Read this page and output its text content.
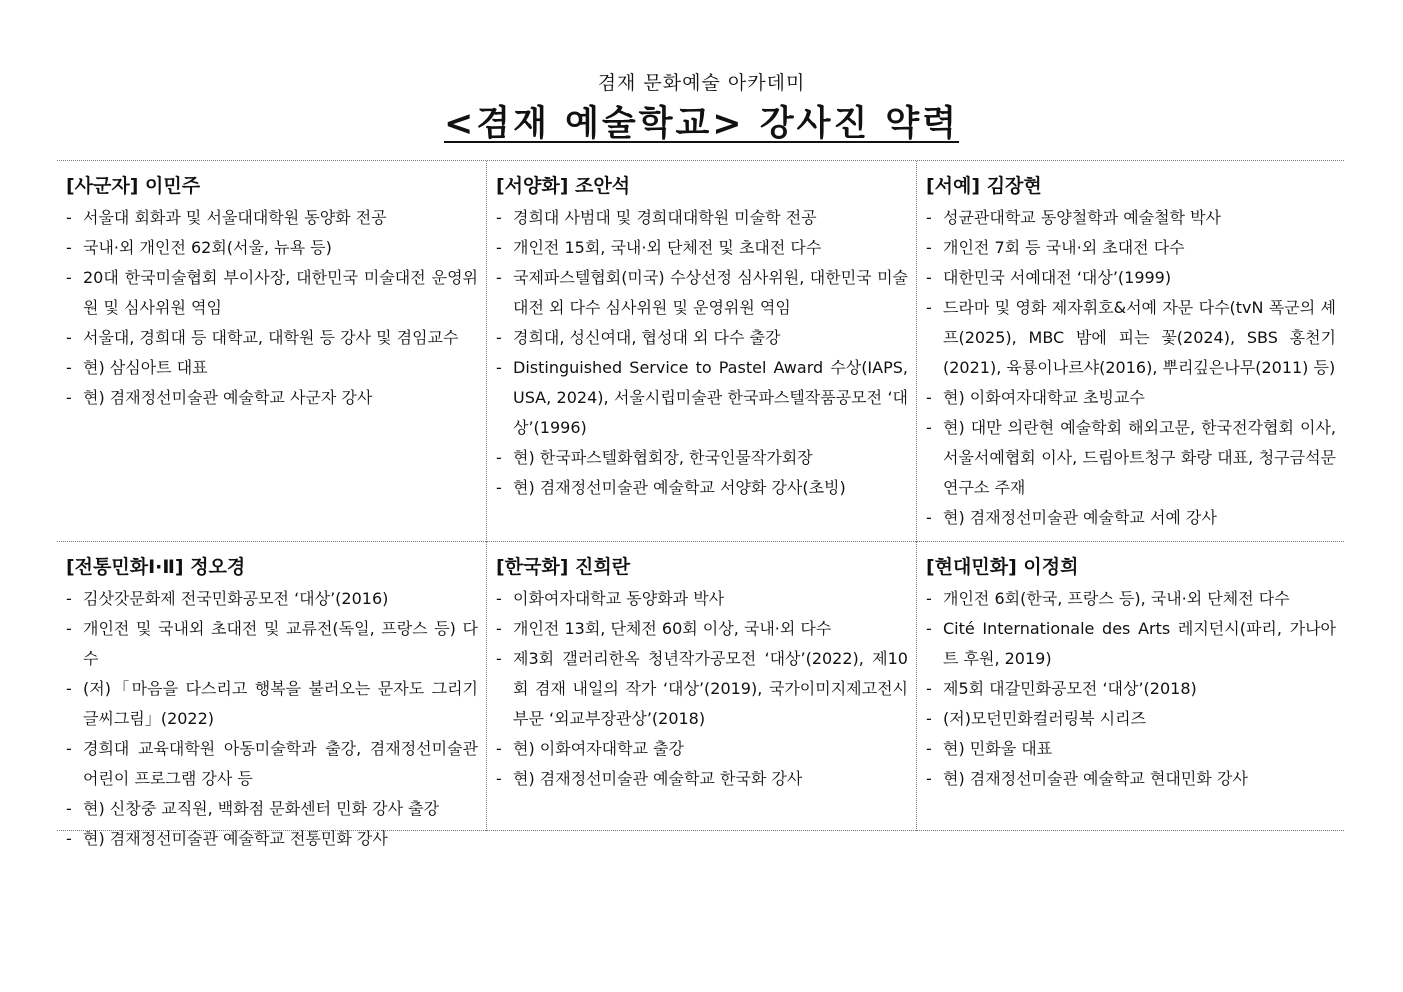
겸재 문화예술 아카데미
<겸재 예술학교> 강사진 약력
[사군자] 이민주
- 서울대 회화과 및 서울대대학원 동양화 전공
- 국내·외 개인전 62회(서울, 뉴욕 등)
- 20대 한국미술협회 부이사장, 대한민국 미술대전 운영위원 및 심사위원 역임
- 서울대, 경희대 등 대학교, 대학원 등 강사 및 겸임교수
- 현) 삼심아트 대표
- 현) 겸재정선미술관 예술학교 사군자 강사
[서양화] 조안석
- 경희대 사범대 및 경희대대학원 미술학 전공
- 개인전 15회, 국내·외 단체전 및 초대전 다수
- 국제파스텔협회(미국) 수상선정 심사위원, 대한민국 미술대전 외 다수 심사위원 및 운영위원 역임
- 경희대, 성신여대, 협성대 외 다수 출강
- Distinguished Service to Pastel Award 수상(IAPS, USA, 2024), 서울시립미술관 한국파스텔작품공모전 ‘대상’(1996)
- 현) 한국파스텔화협회장, 한국인물작가회장
- 현) 겸재정선미술관 예술학교 서양화 강사(초빙)
[서예] 김장현
- 성균관대학교 동양철학과 예술철학 박사
- 개인전 7회 등 국내·외 초대전 다수
- 대한민국 서예대전 ‘대상’(1999)
- 드라마 및 영화 제자휘호&서예 자문 다수(tvN 폭군의 셰프(2025), MBC 밤에 피는 꽃(2024), SBS 홍천기(2021), 육룡이나르샤(2016), 뿌리깊은나무(2011) 등)
- 현) 이화여자대학교 초빙교수
- 현) 대만 의란현 예술학회 해외고문, 한국전각협회 이사, 서울서예협회 이사, 드림아트청구 화랑 대표, 청구금석문연구소 주재
- 현) 겸재정선미술관 예술학교 서예 강사
[전통민화Ⅰ·Ⅱ] 정오경
- 김삿갓문화제 전국민화공모전 ‘대상’(2016)
- 개인전 및 국내외 초대전 및 교류전(독일, 프랑스 등) 다수
- (저)「마음을 다스리고 행복을 불러오는 문자도 그리기 글씨그림」(2022)
- 경희대 교육대학원 아동미술학과 출강, 겸재정선미술관 어린이 프로그램 강사 등
- 현) 신창중 교직원, 백화점 문화센터 민화 강사 출강
- 현) 겸재정선미술관 예술학교 전통민화 강사
[한국화] 진희란
- 이화여자대학교 동양화과 박사
- 개인전 13회, 단체전 60회 이상, 국내·외 다수
- 제3회 갤러리한옥 청년작가공모전 ‘대상’(2022), 제10회 겸재 내일의 작가 ‘대상’(2019), 국가이미지제고전시부문 ‘외교부장관상’(2018)
- 현) 이화여자대학교 출강
- 현) 겸재정선미술관 예술학교 한국화 강사
[현대민화] 이정희
- 개인전 6회(한국, 프랑스 등), 국내·외 단체전 다수
- Cité Internationale des Arts 레지던시(파리, 가나아트 후원, 2019)
- 제5회 대갈민화공모전 ‘대상’(2018)
- (저)모던민화컬러링북 시리즈
- 현) 민화울 대표
- 현) 겸재정선미술관 예술학교 현대민화 강사
